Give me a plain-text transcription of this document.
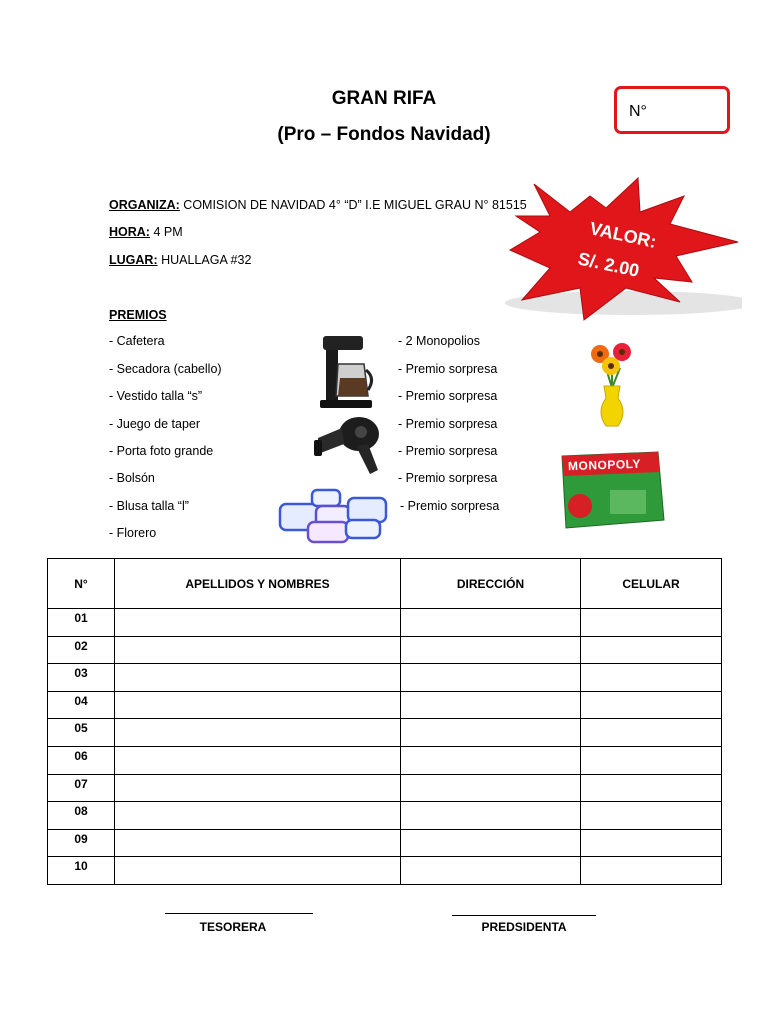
GRAN RIFA
(Pro – Fondos Navidad)
N°
VALOR:
S/. 2.00
ORGANIZA: COMISION DE NAVIDAD 4° “D” I.E MIGUEL GRAU N° 81515
HORA: 4 PM
LUGAR: HUALLAGA #32
PREMIOS
- Cafetera
- Secadora (cabello)
- Vestido talla “s”
- Juego de taper
- Porta foto grande
- Bolsón
- Blusa talla “l”
- Florero
- 2 Monopolios
- Premio sorpresa
- Premio sorpresa
- Premio sorpresa
- Premio sorpresa
- Premio sorpresa
- Premio sorpresa
MONOPOLY
N°	APELLIDOS Y NOMBRES	DIRECCIÓN	CELULAR
01			
02			
03			
04			
05			
06			
07			
08			
09			
10			
TESORERA	PREDSIDENTA
